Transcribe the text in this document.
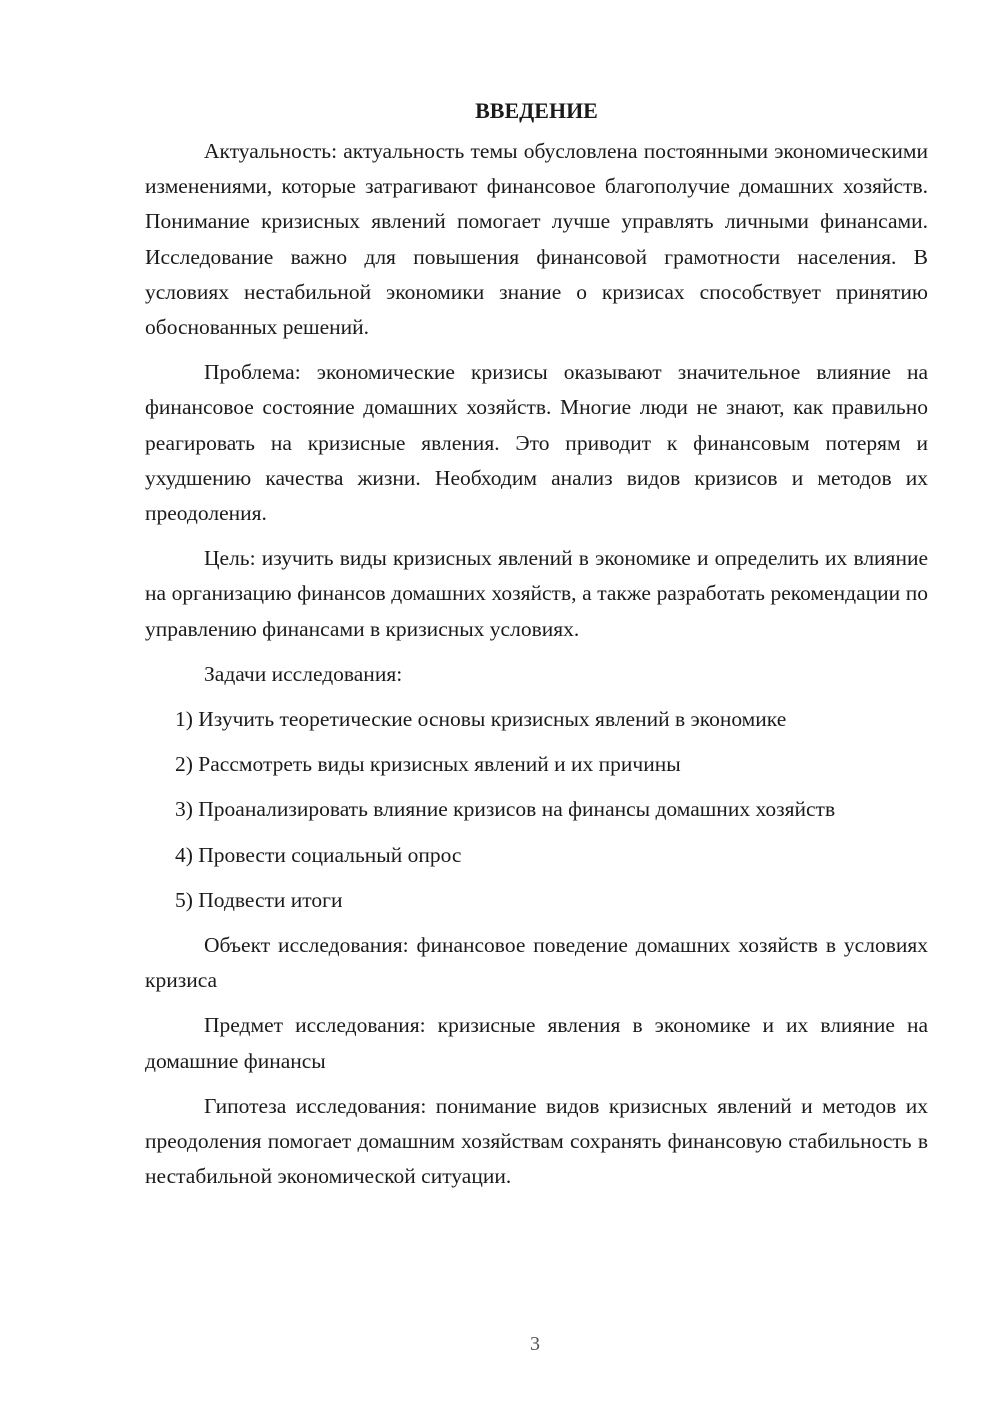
ВВЕДЕНИЕ

Актуальность: актуальность темы обусловлена постоянными экономическими изменениями, которые затрагивают финансовое благополучие домашних хозяйств. Понимание кризисных явлений помогает лучше управлять личными финансами. Исследование важно для повышения финансовой грамотности населения. В условиях нестабильной экономики знание о кризисах способствует принятию обоснованных решений.

Проблема: экономические кризисы оказывают значительное влияние на финансовое состояние домашних хозяйств. Многие люди не знают, как правильно реагировать на кризисные явления. Это приводит к финансовым потерям и ухудшению качества жизни. Необходим анализ видов кризисов и методов их преодоления.

Цель: изучить виды кризисных явлений в экономике и определить их влияние на организацию финансов домашних хозяйств, а также разработать рекомендации по управлению финансами в кризисных условиях.

Задачи исследования:

1) Изучить теоретические основы кризисных явлений в экономике

2) Рассмотреть виды кризисных явлений и их причины

3) Проанализировать влияние кризисов на финансы домашних хозяйств

4) Провести социальный опрос

5) Подвести итоги

Объект исследования: финансовое поведение домашних хозяйств в условиях кризиса

Предмет исследования: кризисные явления в экономике и их влияние на домашние финансы

Гипотеза исследования: понимание видов кризисных явлений и методов их преодоления помогает домашним хозяйствам сохранять финансовую стабильность в нестабильной экономической ситуации.

3
